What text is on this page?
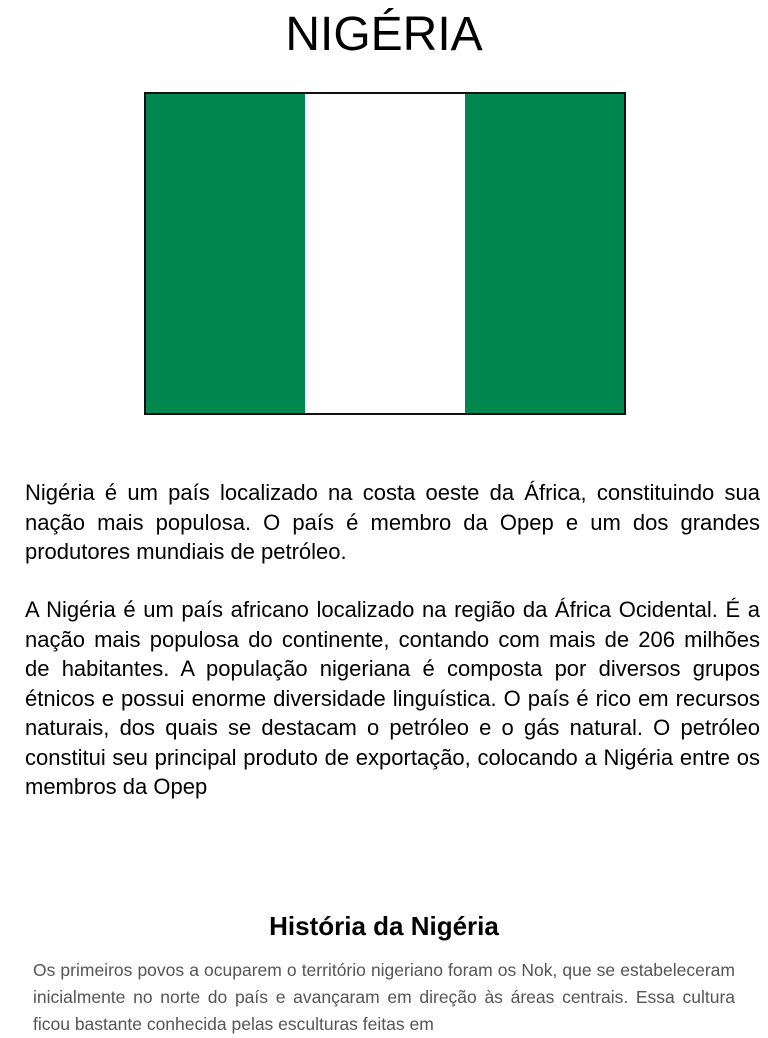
NIGÉRIA

Nigéria é um país localizado na costa oeste da África, constituindo sua nação mais populosa. O país é membro da Opep e um dos grandes produtores mundiais de petróleo.

A Nigéria é um país africano localizado na região da África Ocidental. É a nação mais populosa do continente, contando com mais de 206 milhões de habitantes. A população nigeriana é composta por diversos grupos étnicos e possui enorme diversidade linguística. O país é rico em recursos naturais, dos quais se destacam o petróleo e o gás natural. O petróleo constitui seu principal produto de exportação, colocando a Nigéria entre os membros da Opep

História da Nigéria

Os primeiros povos a ocuparem o território nigeriano foram os Nok, que se estabeleceram inicialmente no norte do país e avançaram em direção às áreas centrais. Essa cultura ficou bastante conhecida pelas esculturas feitas em
